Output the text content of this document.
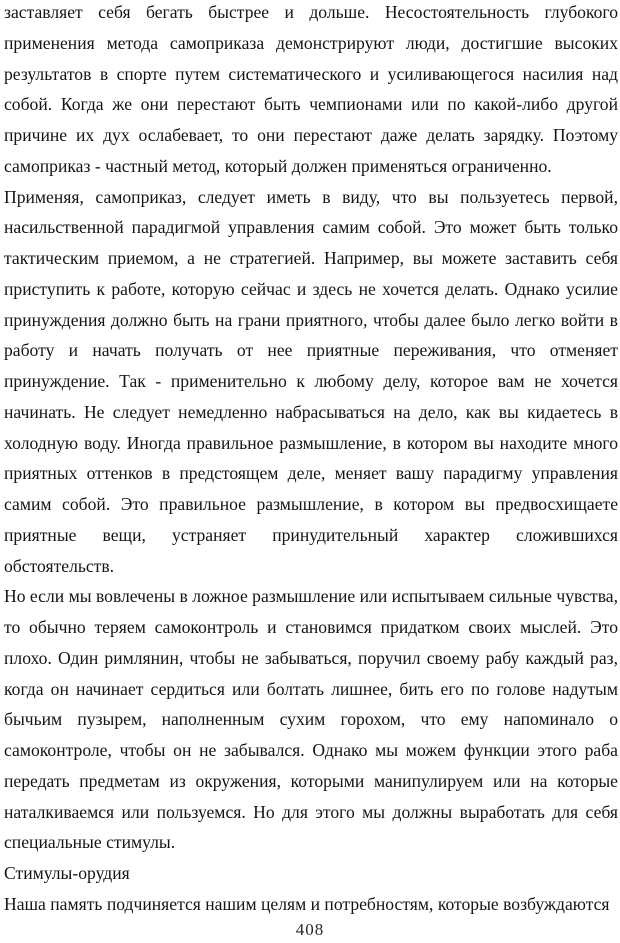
заставляет себя бегать быстрее и дольше. Несостоятельность глубокого применения метода самоприказа демонстрируют люди, достигшие высоких результатов в спорте путем систематического и усиливающегося насилия над собой. Когда же они перестают быть чемпионами или по какой-либо другой причине их дух ослабевает, то они перестают даже делать зарядку. Поэтому самоприказ - частный метод, который должен применяться ограниченно.

Применяя, самоприказ, следует иметь в виду, что вы пользуетесь первой, насильственной парадигмой управления самим собой. Это может быть только тактическим приемом, а не стратегией. Например, вы можете заставить себя приступить к работе, которую сейчас и здесь не хочется делать. Однако усилие принуждения должно быть на грани приятного, чтобы далее было легко войти в работу и начать получать от нее приятные переживания, что отменяет принуждение. Так - применительно к любому делу, которое вам не хочется начинать. Не следует немедленно набрасываться на дело, как вы кидаетесь в холодную воду. Иногда правильное размышление, в котором вы находите много приятных оттенков в предстоящем деле, меняет вашу парадигму управления самим собой. Это правильное размышление, в котором вы предвосхищаете приятные вещи, устраняет принудительный характер сложившихся обстоятельств.

Но если мы вовлечены в ложное размышление или испытываем сильные чувства, то обычно теряем самоконтроль и становимся придатком своих мыслей. Это плохо. Один римлянин, чтобы не забываться, поручил своему рабу каждый раз, когда он начинает сердиться или болтать лишнее, бить его по голове надутым бычьим пузырем, наполненным сухим горохом, что ему напоминало о самоконтроле, чтобы он не забывался. Однако мы можем функции этого раба передать предметам из окружения, которыми манипулируем или на которые наталкиваемся или пользуемся. Но для этого мы должны выработать для себя специальные стимулы.

Стимулы-орудия

Наша память подчиняется нашим целям и потребностям, которые возбуждаются

408
